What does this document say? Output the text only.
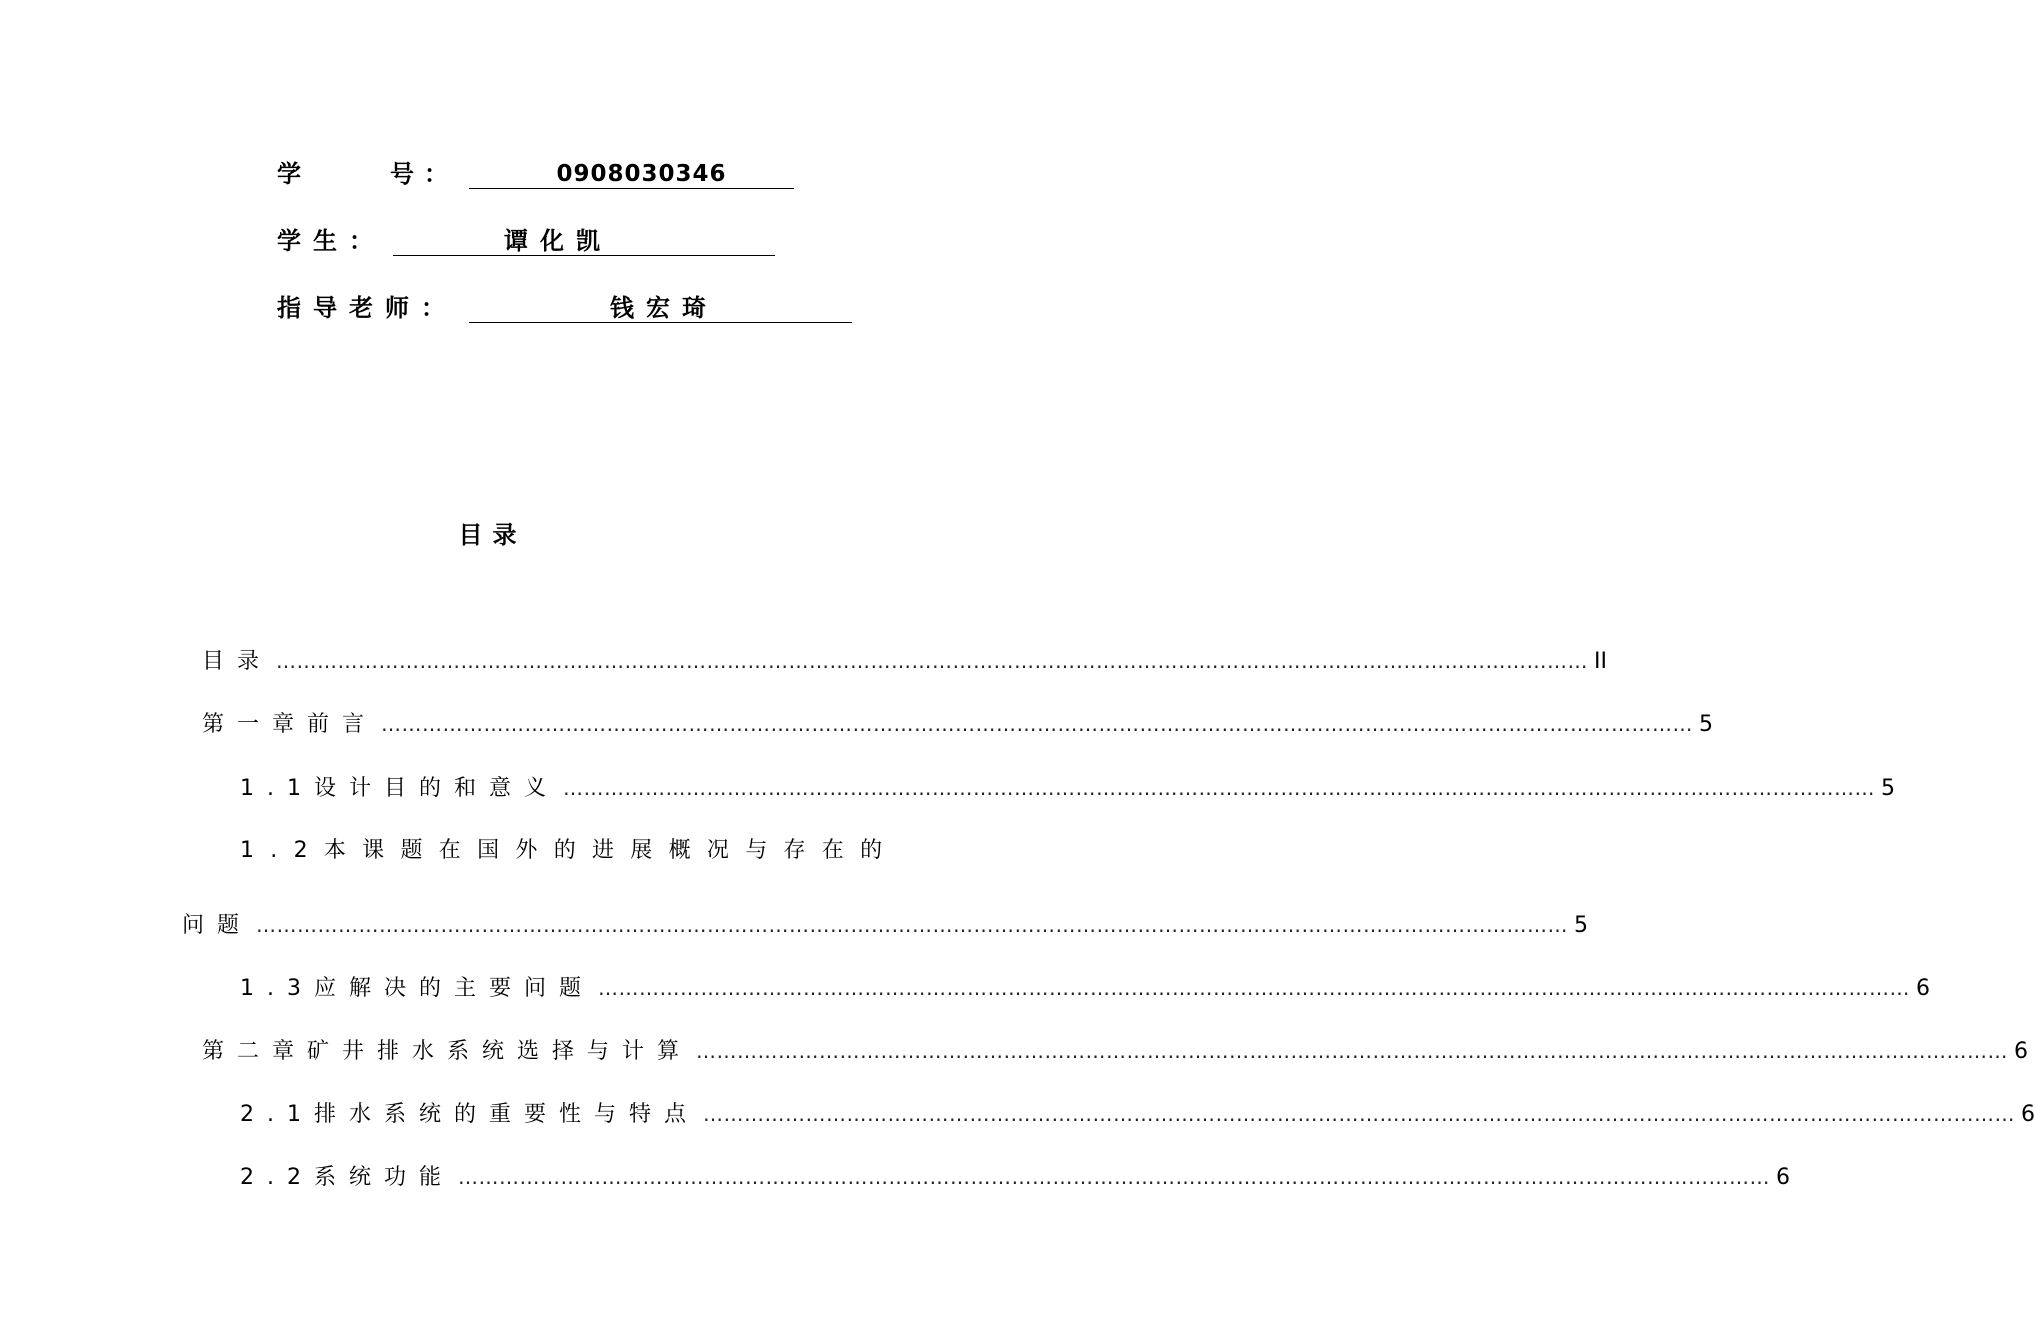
学	号：	0908030346
学生：	谭化凯
指导老师：	钱宏琦
目录
目录 ………………………………………………………………………………………………………………………………………………………………………… II
第一章 前言 ………………………………………………………………………………………………………………………………………………………………………… 5
1.1设计目的和意义 ………………………………………………………………………………………………………………………………………………………………………… 5
1.2本课题在国外的进展概况与存在的
问题 ………………………………………………………………………………………………………………………………………………………………………… 5
1.3应解决的主要问题 ………………………………………………………………………………………………………………………………………………………………………… 6
第二章 矿井排水系统选择与计算 ………………………………………………………………………………………………………………………………………………………………………… 6
2.1排水系统的重要性与特点 ………………………………………………………………………………………………………………………………………………………………………… 6
2.2系统功能 ………………………………………………………………………………………………………………………………………………………………………… 6
